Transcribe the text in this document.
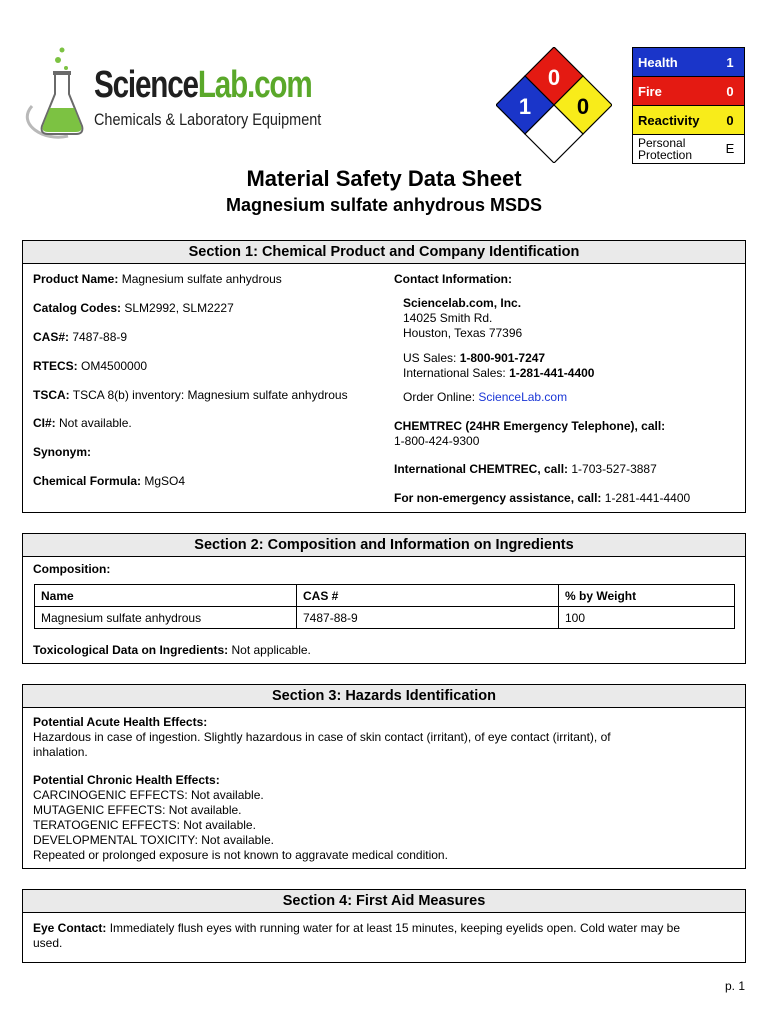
ScienceLab.com
Chemicals & Laboratory Equipment
0
1 0
Health	1
Fire	0
Reactivity	0
Personal
Protection	E
Material Safety Data Sheet
Magnesium sulfate anhydrous MSDS
Section 1: Chemical Product and Company Identification
Product Name: Magnesium sulfate anhydrous
Catalog Codes: SLM2992, SLM2227
CAS#: 7487-88-9
RTECS: OM4500000
TSCA: TSCA 8(b) inventory: Magnesium sulfate anhydrous
CI#: Not available.
Synonym:
Chemical Formula: MgSO4
Contact Information:
Sciencelab.com, Inc.
14025 Smith Rd.
Houston, Texas 77396
US Sales: 1-800-901-7247
International Sales: 1-281-441-4400
Order Online: ScienceLab.com
CHEMTREC (24HR Emergency Telephone), call:
1-800-424-9300
International CHEMTREC, call: 1-703-527-3887
For non-emergency assistance, call: 1-281-441-4400
Section 2: Composition and Information on Ingredients
Composition:
Name	CAS #	% by Weight
Magnesium sulfate anhydrous	7487-88-9	100
Toxicological Data on Ingredients: Not applicable.
Section 3: Hazards Identification
Potential Acute Health Effects:
Hazardous in case of ingestion. Slightly hazardous in case of skin contact (irritant), of eye contact (irritant), of
inhalation.
Potential Chronic Health Effects:
CARCINOGENIC EFFECTS: Not available.
MUTAGENIC EFFECTS: Not available.
TERATOGENIC EFFECTS: Not available.
DEVELOPMENTAL TOXICITY: Not available.
Repeated or prolonged exposure is not known to aggravate medical condition.
Section 4: First Aid Measures
Eye Contact: Immediately flush eyes with running water for at least 15 minutes, keeping eyelids open. Cold water may be
used.
p. 1
